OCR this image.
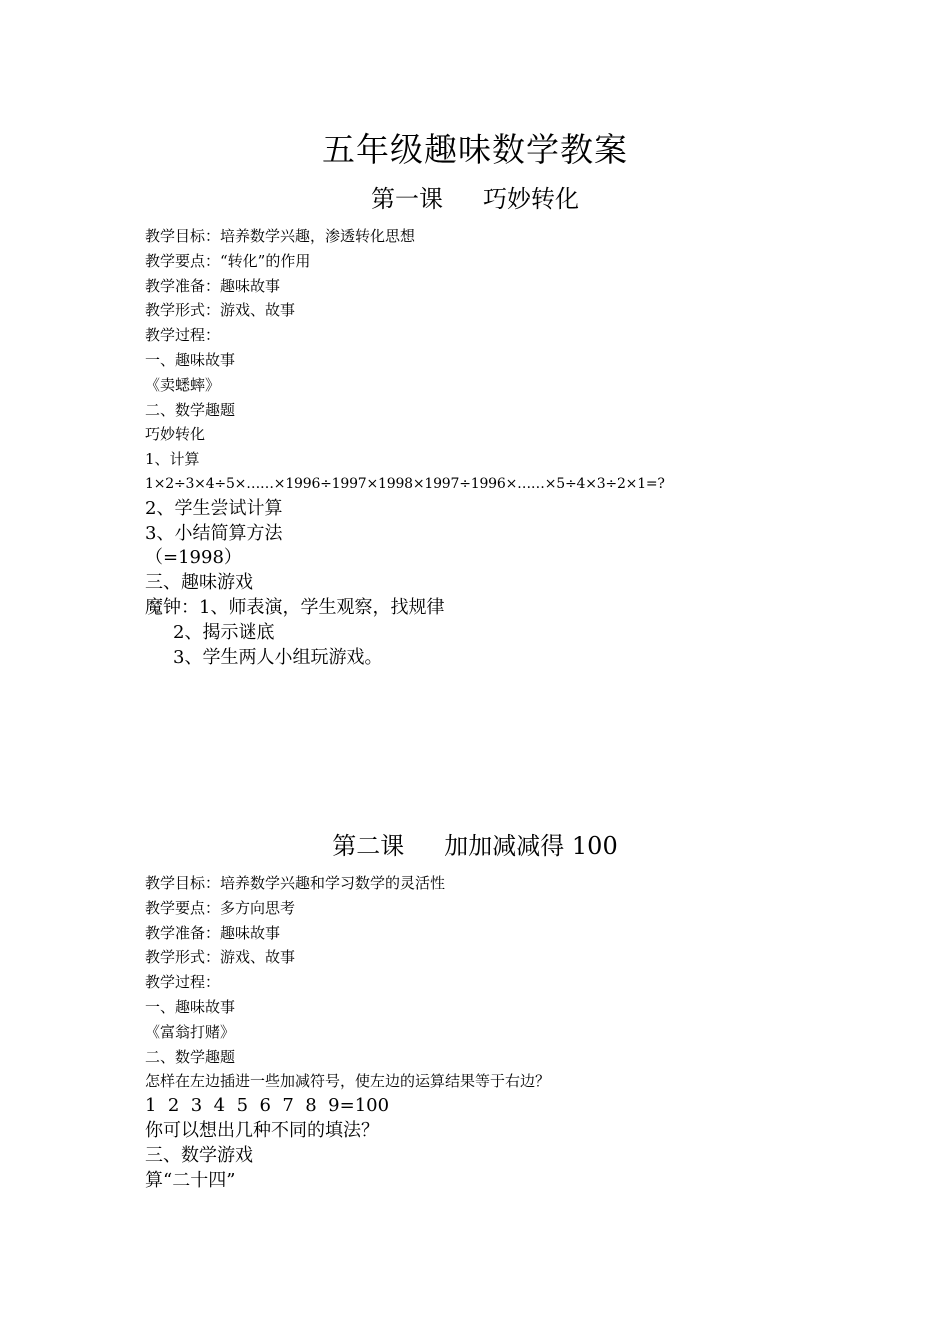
五年级趣味数学教案
第一课 巧妙转化
教学目标：培养数学兴趣，渗透转化思想
教学要点：“转化”的作用
教学准备：趣味故事
教学形式：游戏、故事
教学过程：
一、趣味故事
《卖蟋蟀》
二、数学趣题
巧妙转化
1、计算
1×2÷3×4÷5×……×1996÷1997×1998×1997÷1996×……×5÷4×3÷2×1=?
2、学生尝试计算
3、小结简算方法
（=1998）
三、趣味游戏
魔钟：1、师表演，学生观察，找规律
2、揭示谜底
3、学生两人小组玩游戏。
第二课 加加减减得 100
教学目标：培养数学兴趣和学习数学的灵活性
教学要点：多方向思考
教学准备：趣味故事
教学形式：游戏、故事
教学过程：
一、趣味故事
《富翁打赌》
二、数学趣题
怎样在左边插进一些加减符号，使左边的运算结果等于右边？
1  2  3  4  5  6  7  8  9=100
你可以想出几种不同的填法？
三、数学游戏
算“二十四”
